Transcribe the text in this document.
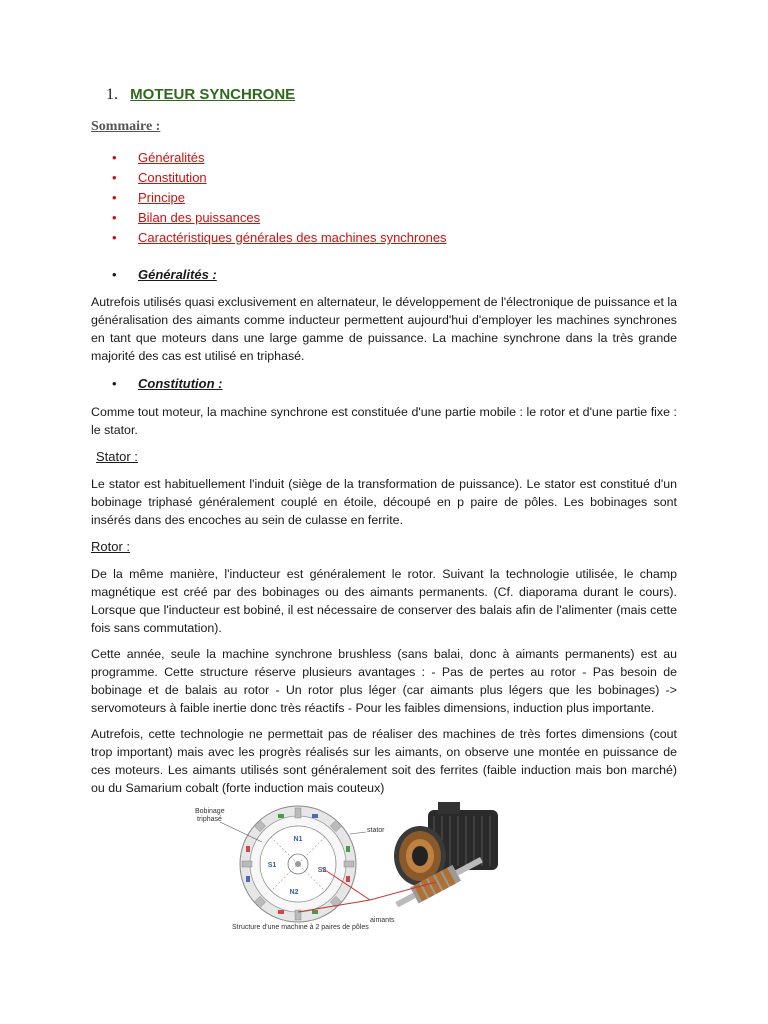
1. MOTEUR SYNCHRONE
Sommaire :
• Généralités
• Constitution
• Principe
• Bilan des puissances
• Caractéristiques générales des machines synchrones
• Généralités :

Autrefois utilisés quasi exclusivement en alternateur, le développement de l'électronique de puissance et la généralisation des aimants comme inducteur permettent aujourd'hui d'employer les machines synchrones en tant que moteurs dans une large gamme de puissance. La machine synchrone dans la très grande majorité des cas est utilisé en triphasé.

• Constitution :

Comme tout moteur, la machine synchrone est constituée d'une partie mobile : le rotor et d'une partie fixe : le stator.

Stator :

Le stator est habituellement l'induit (siège de la transformation de puissance). Le stator est constitué d'un bobinage triphasé généralement couplé en étoile, découpé en p paire de pôles. Les bobinages sont insérés dans des encoches au sein de culasse en ferrite.

Rotor :

De la même manière, l'inducteur est généralement le rotor. Suivant la technologie utilisée, le champ magnétique est créé par des bobinages ou des aimants permanents. (Cf. diaporama durant le cours). Lorsque que l'inducteur est bobiné, il est nécessaire de conserver des balais afin de l'alimenter (mais cette fois sans commutation).

Cette année, seule la machine synchrone brushless (sans balai, donc à aimants permanents) est au programme. Cette structure réserve plusieurs avantages : - Pas de pertes au rotor - Pas besoin de bobinage et de balais au rotor - Un rotor plus léger (car aimants plus légers que les bobinages) -> servomoteurs à faible inertie donc très réactifs - Pour les faibles dimensions, induction plus importante.

Autrefois, cette technologie ne permettait pas de réaliser des machines de très fortes dimensions (cout trop important) mais avec les progrès réalisés sur les aimants, on observe une montée en puissance de ces moteurs. Les aimants utilisés sont généralement soit des ferrites (faible induction mais bon marché) ou du Samarium cobalt (forte induction mais couteux)

N1
S1
S2
N2
Bobinage
triphasé
stator
aimants
Structure d'une machine à 2 paires de pôles
